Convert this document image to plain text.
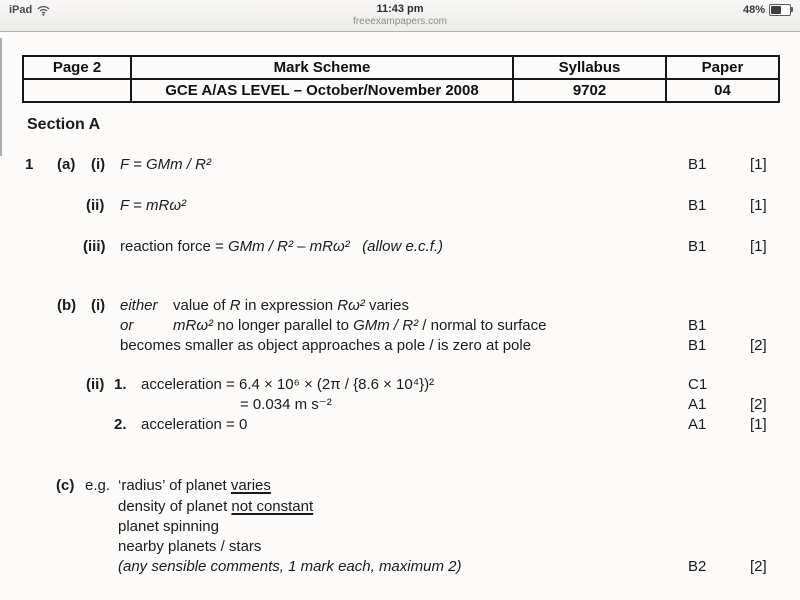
iPad	11:43 pm
freeexampapers.com
48%
Page 2	Mark Scheme	Syllabus	Paper
	GCE A/AS LEVEL – October/November 2008	9702	04
Section A
1 (a) (i) F = GMm / R²	B1	[1]
(ii) F = mRω²	B1	[1]
(iii) reaction force = GMm / R² – mRω² (allow e.c.f.)	B1	[1]
(b) (i) either value of R in expression Rω² varies
or	mRω² no longer parallel to GMm / R² / normal to surface	B1
becomes smaller as object approaches a pole / is zero at pole	B1	[2]
(ii) 1. acceleration = 6.4 × 10⁶ × (2π / {8.6 × 10⁴})²	C1
= 0.034 m s⁻²	A1	[2]
2. acceleration = 0	A1	[1]
(c) e.g. ‘radius’ of planet varies
density of planet not constant
planet spinning
nearby planets / stars
(any sensible comments, 1 mark each, maximum 2)	B2	[2]
